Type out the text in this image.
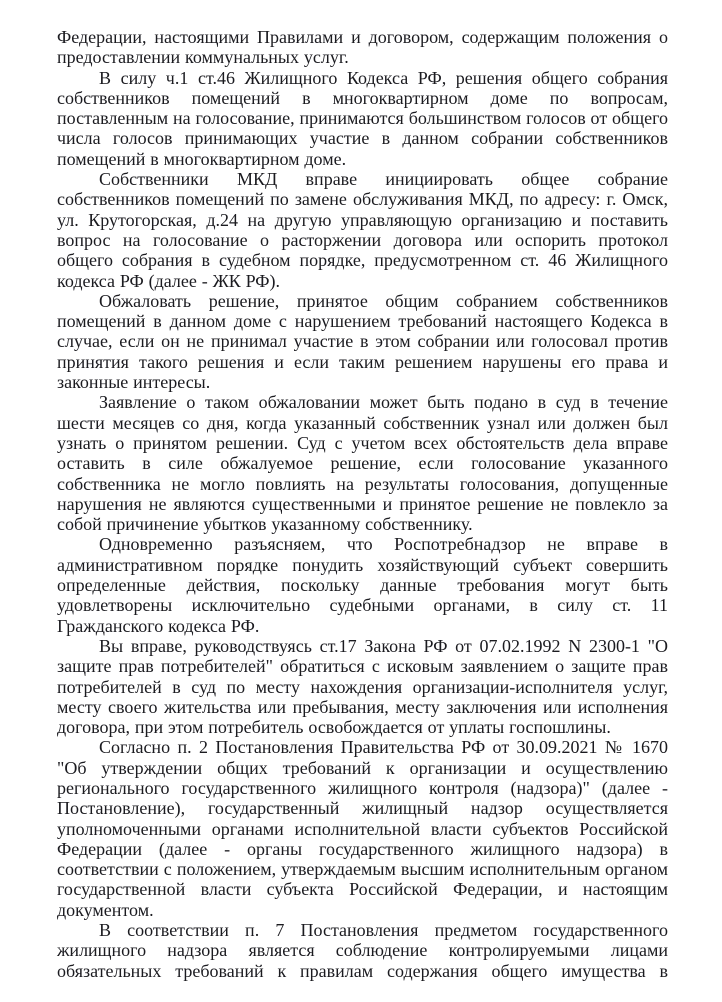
Федерации, настоящими Правилами и договором, содержащим положения о предоставлении коммунальных услуг.

В силу ч.1 ст.46 Жилищного Кодекса РФ, решения общего собрания собственников помещений в многоквартирном доме по вопросам, поставленным на голосование, принимаются большинством голосов от общего числа голосов принимающих участие в данном собрании собственников помещений в многоквартирном доме.

Собственники МКД вправе инициировать общее собрание собственников помещений по замене обслуживания МКД, по адресу: г. Омск, ул. Крутогорская, д.24 на другую управляющую организацию и поставить вопрос на голосование о расторжении договора или оспорить протокол общего собрания в судебном порядке, предусмотренном ст. 46 Жилищного кодекса РФ (далее - ЖК РФ).

Обжаловать решение, принятое общим собранием собственников помещений в данном доме с нарушением требований настоящего Кодекса в случае, если он не принимал участие в этом собрании или голосовал против принятия такого решения и если таким решением нарушены его права и законные интересы.

Заявление о таком обжаловании может быть подано в суд в течение шести месяцев со дня, когда указанный собственник узнал или должен был узнать о принятом решении. Суд с учетом всех обстоятельств дела вправе оставить в силе обжалуемое решение, если голосование указанного собственника не могло повлиять на результаты голосования, допущенные нарушения не являются существенными и принятое решение не повлекло за собой причинение убытков указанному собственнику.

Одновременно разъясняем, что Роспотребнадзор не вправе в административном порядке понудить хозяйствующий субъект совершить определенные действия, поскольку данные требования могут быть удовлетворены исключительно судебными органами, в силу ст. 11 Гражданского кодекса РФ.

Вы вправе, руководствуясь ст.17 Закона РФ от 07.02.1992 N 2300-1 "О защите прав потребителей" обратиться с исковым заявлением о защите прав потребителей в суд по месту нахождения организации-исполнителя услуг, месту своего жительства или пребывания, месту заключения или исполнения договора, при этом потребитель освобождается от уплаты госпошлины.

Согласно п. 2 Постановления Правительства РФ от 30.09.2021 № 1670 "Об утверждении общих требований к организации и осуществлению регионального государственного жилищного контроля (надзора)" (далее - Постановление), государственный жилищный надзор осуществляется уполномоченными органами исполнительной власти субъектов Российской Федерации (далее - органы государственного жилищного надзора) в соответствии с положением, утверждаемым высшим исполнительным органом государственной власти субъекта Российской Федерации, и настоящим документом.

В соответствии п. 7 Постановления предметом государственного жилищного надзора является соблюдение контролируемыми лицами обязательных требований к правилам содержания общего имущества в
